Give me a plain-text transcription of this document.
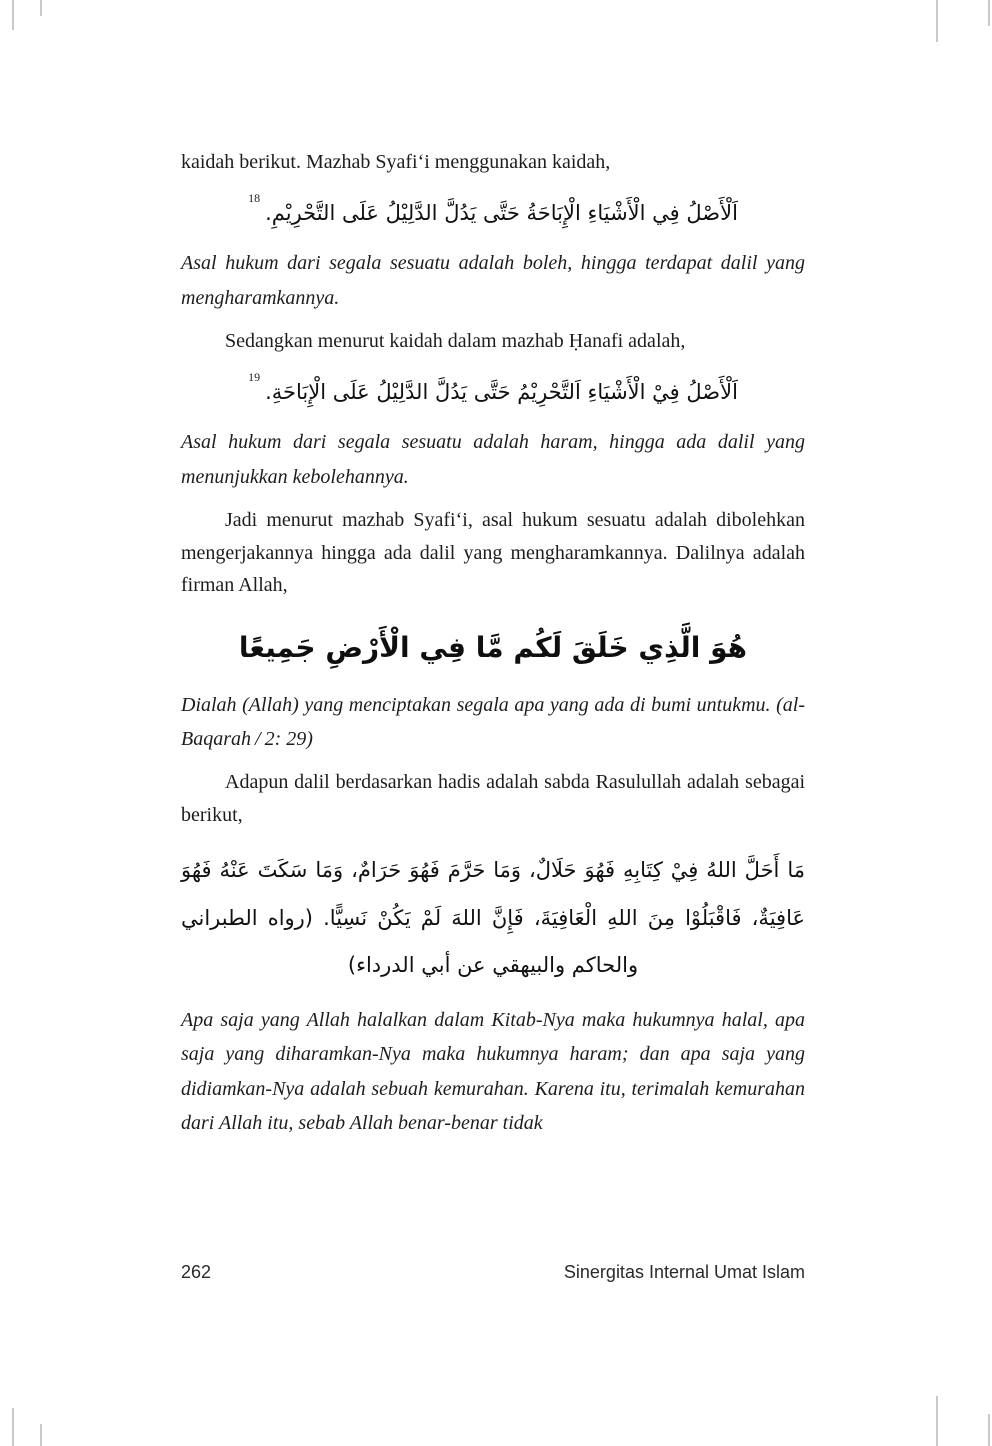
kaidah berikut. Mazhab Syafi‘i menggunakan kaidah,

$^{18}$اَلْأَصْلُ فِي الْأَشْيَاءِ الْإِبَاحَةُ حَتَّى يَدُلَّ الدَّلِيْلُ عَلَى التَّحْرِيْمِ.

Asal hukum dari segala sesuatu adalah boleh, hingga terdapat dalil yang mengharamkannya.

Sedangkan menurut kaidah dalam mazhab Ḥanafi adalah,

$^{19}$اَلْأَصْلُ فِيْ الْأَشْيَاءِ اَلتَّحْرِيْمُ حَتَّى يَدُلَّ الدَّلِيْلُ عَلَى الْإِبَاحَةِ.

Asal hukum dari segala sesuatu adalah haram, hingga ada dalil yang menunjukkan kebolehannya.

Jadi menurut mazhab Syafi‘i, asal hukum sesuatu adalah dibolehkan mengerjakannya hingga ada dalil yang mengharamkannya. Dalilnya adalah firman Allah,

هُوَ الَّذِي خَلَقَ لَكُم مَّا فِي الْأَرْضِ جَمِيعًا

Dialah (Allah) yang menciptakan segala apa yang ada di bumi untukmu. (al-Baqarah / 2: 29)

Adapun dalil berdasarkan hadis adalah sabda Rasulullah adalah sebagai berikut,

مَا أَحَلَّ اللهُ فِيْ كِتَابِهِ فَهُوَ حَلَالٌ، وَمَا حَرَّمَ فَهُوَ حَرَامٌ، وَمَا سَكَتَ عَنْهُ فَهُوَ عَافِيَةٌ، فَاقْبَلُوْا مِنَ اللهِ الْعَافِيَةَ، فَإِنَّ اللهَ لَمْ يَكُنْ نَسِيًّا. (رواه الطبراني والحاكم والبيهقي عن أبي الدرداء)

Apa saja yang Allah halalkan dalam Kitab-Nya maka hukumnya halal, apa saja yang diharamkan-Nya maka hukumnya haram; dan apa saja yang didiamkan-Nya adalah sebuah kemurahan. Karena itu, terimalah kemurahan dari Allah itu, sebab Allah benar-benar tidak

262	Sinergitas Internal Umat Islam
